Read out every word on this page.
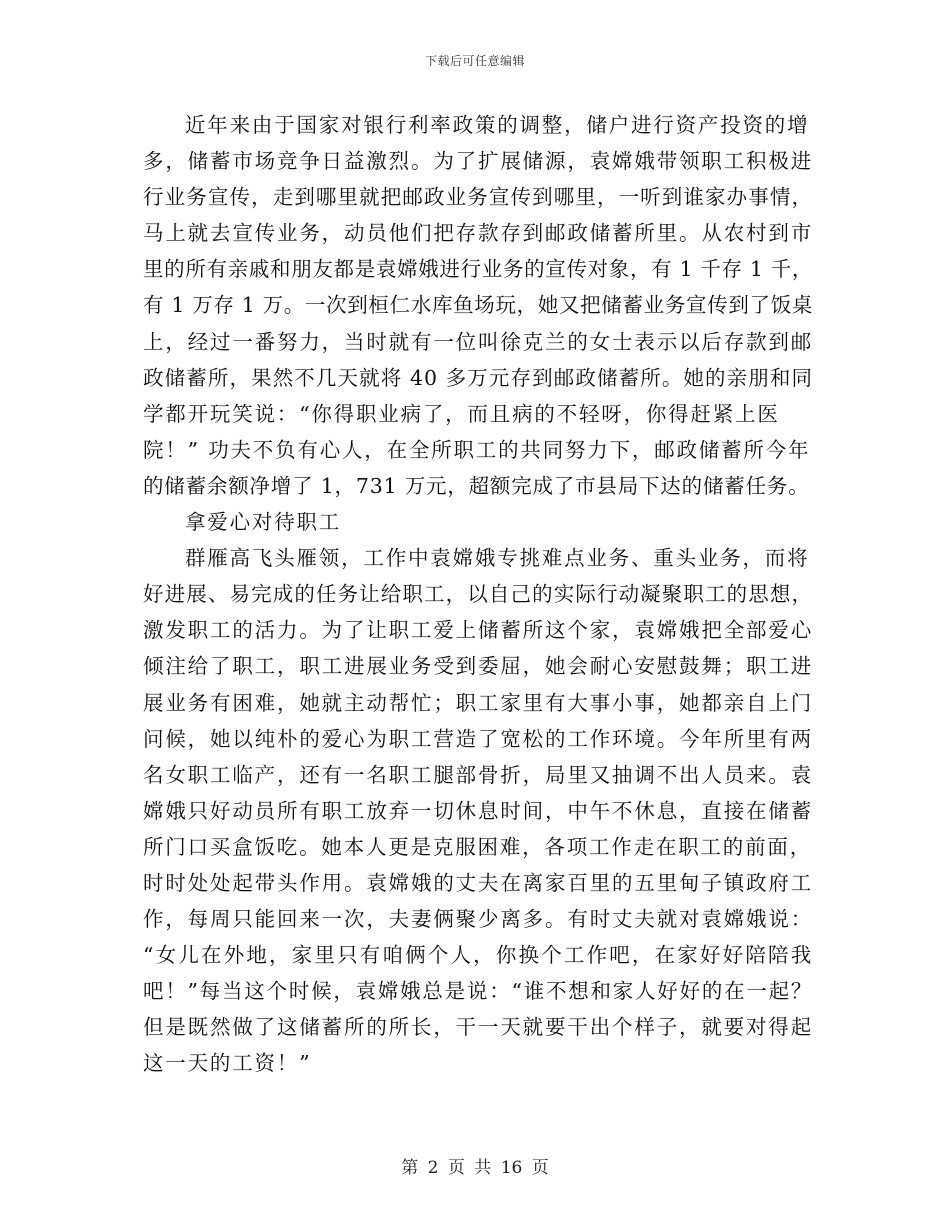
下载后可任意编辑
近年来由于国家对银行利率政策的调整，储户进行资产投资的增
多，储蓄市场竞争日益激烈。为了扩展储源，袁嫦娥带领职工积极进
行业务宣传，走到哪里就把邮政业务宣传到哪里，一听到谁家办事情，
马上就去宣传业务，动员他们把存款存到邮政储蓄所里。从农村到市
里的所有亲戚和朋友都是袁嫦娥进行业务的宣传对象，有 1 千存 1 千，
有 1 万存 1 万。一次到桓仁水库鱼场玩，她又把储蓄业务宣传到了饭桌
上，经过一番努力，当时就有一位叫徐克兰的女士表示以后存款到邮
政储蓄所，果然不几天就将 40 多万元存到邮政储蓄所。她的亲朋和同
学都开玩笑说：“你得职业病了，而且病的不轻呀，你得赶紧上医
院！” 功夫不负有心人，在全所职工的共同努力下，邮政储蓄所今年
的储蓄余额净增了 1，731 万元，超额完成了市县局下达的储蓄任务。
拿爱心对待职工
群雁高飞头雁领，工作中袁嫦娥专挑难点业务、重头业务，而将
好进展、易完成的任务让给职工，以自己的实际行动凝聚职工的思想，
激发职工的活力。为了让职工爱上储蓄所这个家，袁嫦娥把全部爱心
倾注给了职工，职工进展业务受到委屈，她会耐心安慰鼓舞；职工进
展业务有困难，她就主动帮忙；职工家里有大事小事，她都亲自上门
问候，她以纯朴的爱心为职工营造了宽松的工作环境。今年所里有两
名女职工临产，还有一名职工腿部骨折，局里又抽调不出人员来。袁
嫦娥只好动员所有职工放弃一切休息时间，中午不休息，直接在储蓄
所门口买盒饭吃。她本人更是克服困难，各项工作走在职工的前面，
时时处处起带头作用。袁嫦娥的丈夫在离家百里的五里甸子镇政府工
作，每周只能回来一次，夫妻俩聚少离多。有时丈夫就对袁嫦娥说：
“女儿在外地，家里只有咱俩个人，你换个工作吧，在家好好陪陪我
吧！”每当这个时候，袁嫦娥总是说：“谁不想和家人好好的在一起？
但是既然做了这储蓄所的所长，干一天就要干出个样子，就要对得起
这一天的工资！”
第 2 页 共 16 页
